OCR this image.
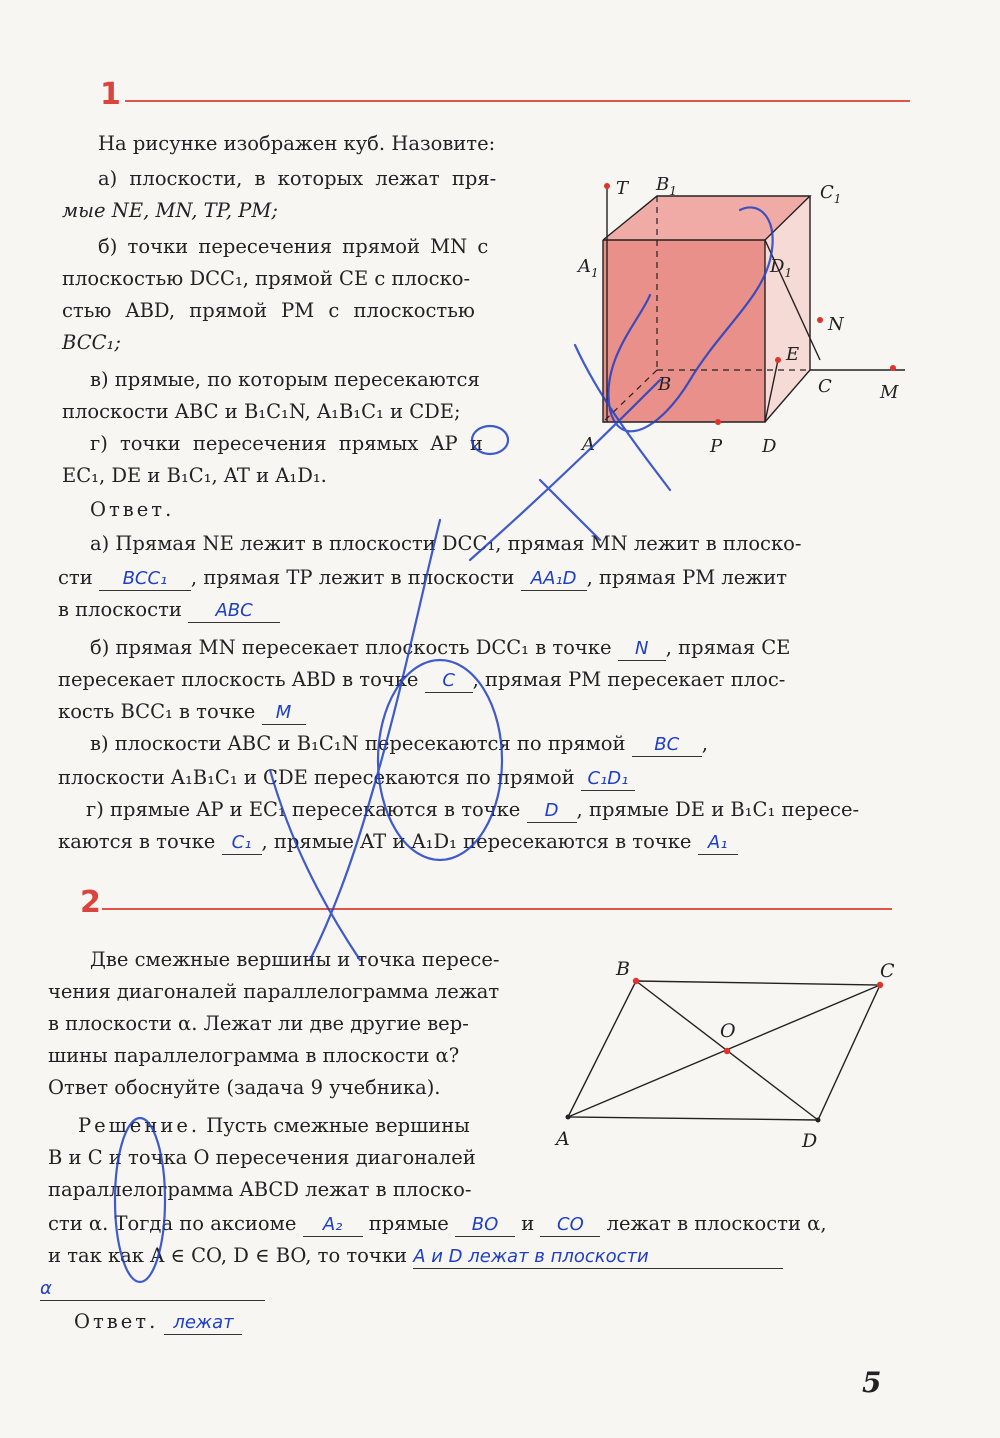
1
На рисунке изображен куб. Назовите:
а) плоскости, в которых лежат пря-
мые NE, MN, TP, PM;
б) точки пересечения прямой MN с
плоскостью DCC₁, прямой CE с плоско-
стью ABD, прямой PM с плоскостью
BCC₁;
в) прямые, по которым пересекаются
плоскости ABC и B₁C₁N, A₁B₁C₁ и CDE;
г) точки пересечения прямых AP и
EC₁, DE и B₁C₁, AT и A₁D₁.
Ответ.
а) Прямая NE лежит в плоскости DCC₁, прямая MN лежит в плоско-
сти BCC₁ , прямая TP лежит в плоскости AA₁D , прямая PM лежит
в плоскости ABC
б) прямая MN пересекает плоскость DCC₁ в точке N , прямая CE
пересекает плоскость ABD в точке C , прямая PM пересекает плос-
кость BCC₁ в точке M
в) плоскости ABC и B₁C₁N пересекаются по прямой BC ,
плоскости A₁B₁C₁ и CDE пересекаются по прямой C₁D₁
г) прямые AP и EC₁ пересекаются в точке D , прямые DE и B₁C₁ пересе-
каются в точке C₁ , прямые AT и A₁D₁ пересекаются в точке A₁
T $B_1$	$C_1$
$A_1$	$D_1$
N
E
B	C	M
A	P D
2
Две смежные вершины и точка пересе-
чения диагоналей параллелограмма лежат
в плоскости α. Лежат ли две другие вер-
шины параллелограмма в плоскости α?
Ответ обоснуйте (задача 9 учебника).
Решение. Пусть смежные вершины
B и C и точка O пересечения диагоналей
параллелограмма ABCD лежат в плоско-
сти α. Тогда по аксиоме A₂ прямые BO и CO лежат в плоскости α,
и так как A ∈ CO, D ∈ BO, то точки A и D лежат в плоскости
α
Ответ. лежат
B	C
O
A	D
5
